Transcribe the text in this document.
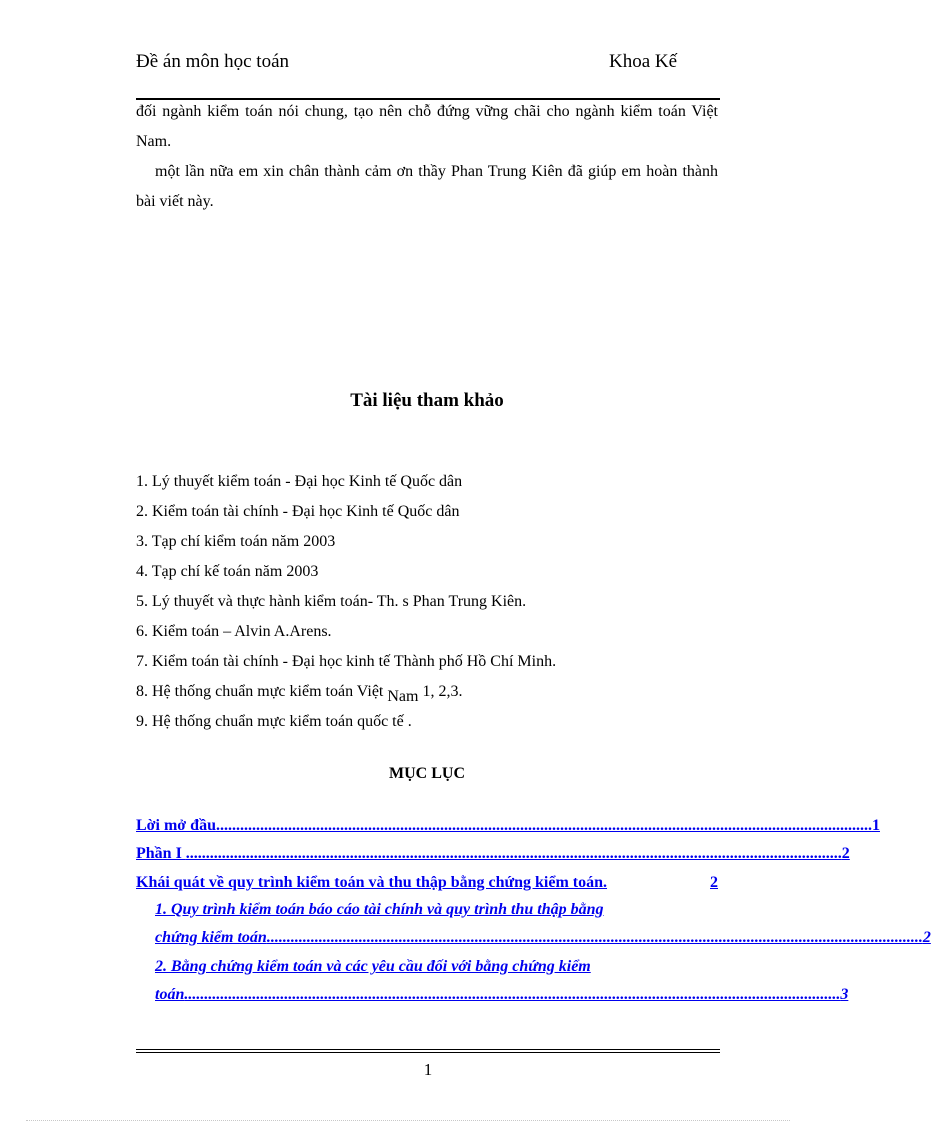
Đề án môn học toán	Khoa Kế
đối ngành kiểm toán nói chung, tạo nên chỗ đứng vững chãi cho ngành kiểm toán Việt Nam.
một lần nữa em xin chân thành cảm ơn thầy Phan Trung Kiên đã giúp em hoàn thành bài viết này.
Tài liệu tham khảo
1. Lý thuyết kiểm toán - Đại học Kinh tế Quốc dân
2. Kiểm toán tài chính - Đại học Kinh tế Quốc dân
3. Tạp chí kiểm toán năm 2003
4. Tạp chí kế toán năm 2003
5. Lý thuyết và thực hành kiểm toán- Th. s Phan Trung Kiên.
6. Kiểm toán – Alvin A.Arens.
7. Kiểm toán tài chính - Đại học kinh tế Thành phố Hồ Chí Minh.
8. Hệ thống chuẩn mực kiểm toán Việt Nam 1, 2,3.
9. Hệ thống chuẩn mực kiểm toán quốc tế .
MỤC LỤC
Lời mở đầu.................................................................................................................................................................... 1
Phần I .................................................................................................................................................................... 2
Khái quát về quy trình kiểm toán và thu thập bằng chứng kiểm toán.	2
1. Quy trình kiểm toán báo cáo tài chính và quy trình thu thập bằng
chứng kiểm toán.................................................................................................................................................................... 2
2. Bằng chứng kiểm toán và các yêu cầu đối với bằng chứng kiểm
toán.................................................................................................................................................................... 3
1
